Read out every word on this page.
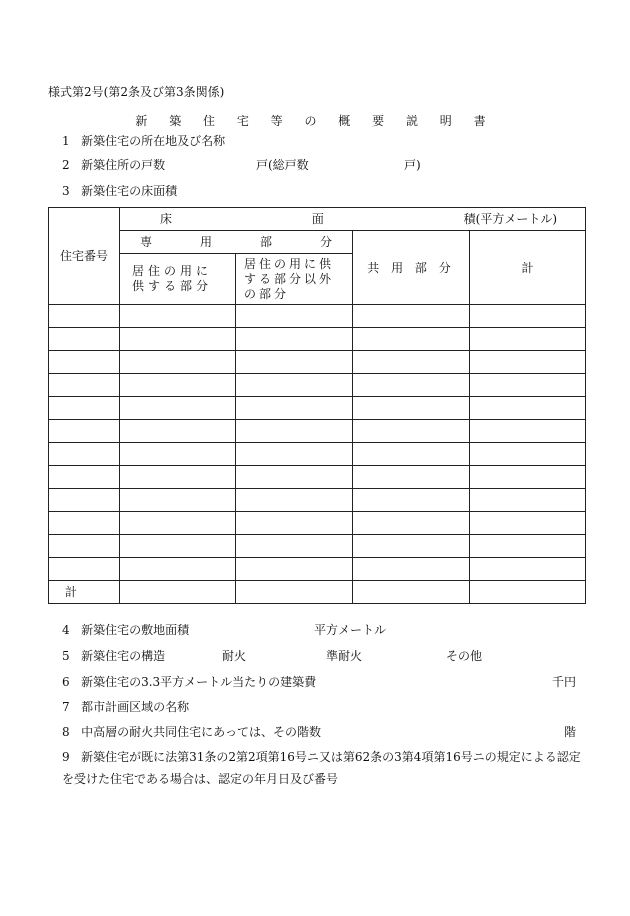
様式第2号(第2条及び第3条関係)
新 築 住 宅 等 の 概 要 説 明 書
1 新築住宅の所在地及び名称
2 新築住所の戸数	戸(総戸数	戸)
3 新築住宅の床面積
住宅番号	床 面 積(平方メートル)			

	専 用 部 分		共 用 部 分	計

	居住の用に供する部分	居住の用に供する部分以外の部分		

計				
4 新築住宅の敷地面積	平方メートル
5 新築住宅の構造	耐火	準耐火	その他
6 新築住宅の3.3平方メートル当たりの建築費	千円
7 都市計画区域の名称
8 中高層の耐火共同住宅にあっては、その階数	階
9 新築住宅が既に法第31条の2第2項第16号ニ又は第62条の3第4項第16号ニの規定による認定を受けた住宅である場合は、認定の年月日及び番号
